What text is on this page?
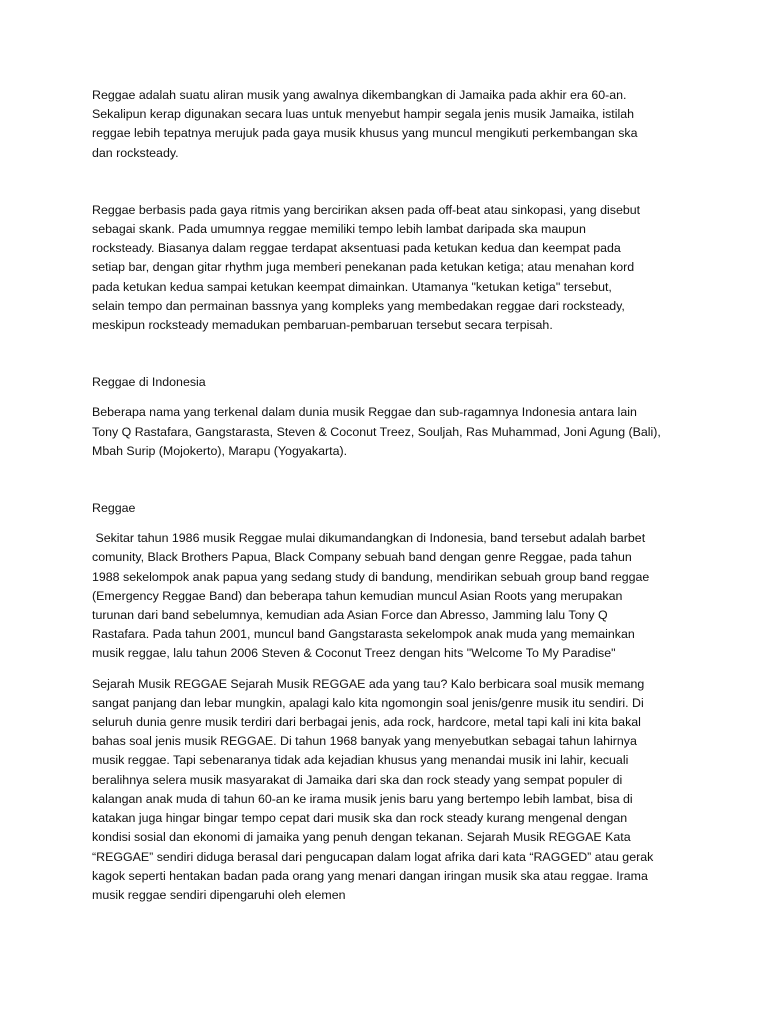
Reggae adalah suatu aliran musik yang awalnya dikembangkan di Jamaika pada akhir era 60-an.
Sekalipun kerap digunakan secara luas untuk menyebut hampir segala jenis musik Jamaika, istilah
reggae lebih tepatnya merujuk pada gaya musik khusus yang muncul mengikuti perkembangan ska
dan rocksteady.

Reggae berbasis pada gaya ritmis yang bercirikan aksen pada off-beat atau sinkopasi, yang disebut
sebagai skank. Pada umumnya reggae memiliki tempo lebih lambat daripada ska maupun
rocksteady. Biasanya dalam reggae terdapat aksentuasi pada ketukan kedua dan keempat pada
setiap bar, dengan gitar rhythm juga memberi penekanan pada ketukan ketiga; atau menahan kord
pada ketukan kedua sampai ketukan keempat dimainkan. Utamanya "ketukan ketiga" tersebut,
selain tempo dan permainan bassnya yang kompleks yang membedakan reggae dari rocksteady,
meskipun rocksteady memadukan pembaruan-pembaruan tersebut secara terpisah.

Reggae di Indonesia

Beberapa nama yang terkenal dalam dunia musik Reggae dan sub-ragamnya Indonesia antara lain
Tony Q Rastafara, Gangstarasta, Steven & Coconut Treez, Souljah, Ras Muhammad, Joni Agung (Bali),
Mbah Surip (Mojokerto), Marapu (Yogyakarta).

Reggae

Sekitar tahun 1986 musik Reggae mulai dikumandangkan di Indonesia, band tersebut adalah barbet
comunity, Black Brothers Papua, Black Company sebuah band dengan genre Reggae, pada tahun
1988 sekelompok anak papua yang sedang study di bandung, mendirikan sebuah group band reggae
(Emergency Reggae Band) dan beberapa tahun kemudian muncul Asian Roots yang merupakan
turunan dari band sebelumnya, kemudian ada Asian Force dan Abresso, Jamming lalu Tony Q
Rastafara. Pada tahun 2001, muncul band Gangstarasta sekelompok anak muda yang memainkan
musik reggae, lalu tahun 2006 Steven & Coconut Treez dengan hits "Welcome To My Paradise"

Sejarah Musik REGGAE Sejarah Musik REGGAE ada yang tau? Kalo berbicara soal musik memang
sangat panjang dan lebar mungkin, apalagi kalo kita ngomongin soal jenis/genre musik itu sendiri. Di
seluruh dunia genre musik terdiri dari berbagai jenis, ada rock, hardcore, metal tapi kali ini kita bakal
bahas soal jenis musik REGGAE. Di tahun 1968 banyak yang menyebutkan sebagai tahun lahirnya
musik reggae. Tapi sebenaranya tidak ada kejadian khusus yang menandai musik ini lahir, kecuali
beralihnya selera musik masyarakat di Jamaika dari ska dan rock steady yang sempat populer di
kalangan anak muda di tahun 60-an ke irama musik jenis baru yang bertempo lebih lambat, bisa di
katakan juga hingar bingar tempo cepat dari musik ska dan rock steady kurang mengenal dengan
kondisi sosial dan ekonomi di jamaika yang penuh dengan tekanan. Sejarah Musik REGGAE Kata
“REGGAE” sendiri diduga berasal dari pengucapan dalam logat afrika dari kata “RAGGED” atau gerak
kagok seperti hentakan badan pada orang yang menari dangan iringan musik ska atau reggae. Irama
musik reggae sendiri dipengaruhi oleh elemen
